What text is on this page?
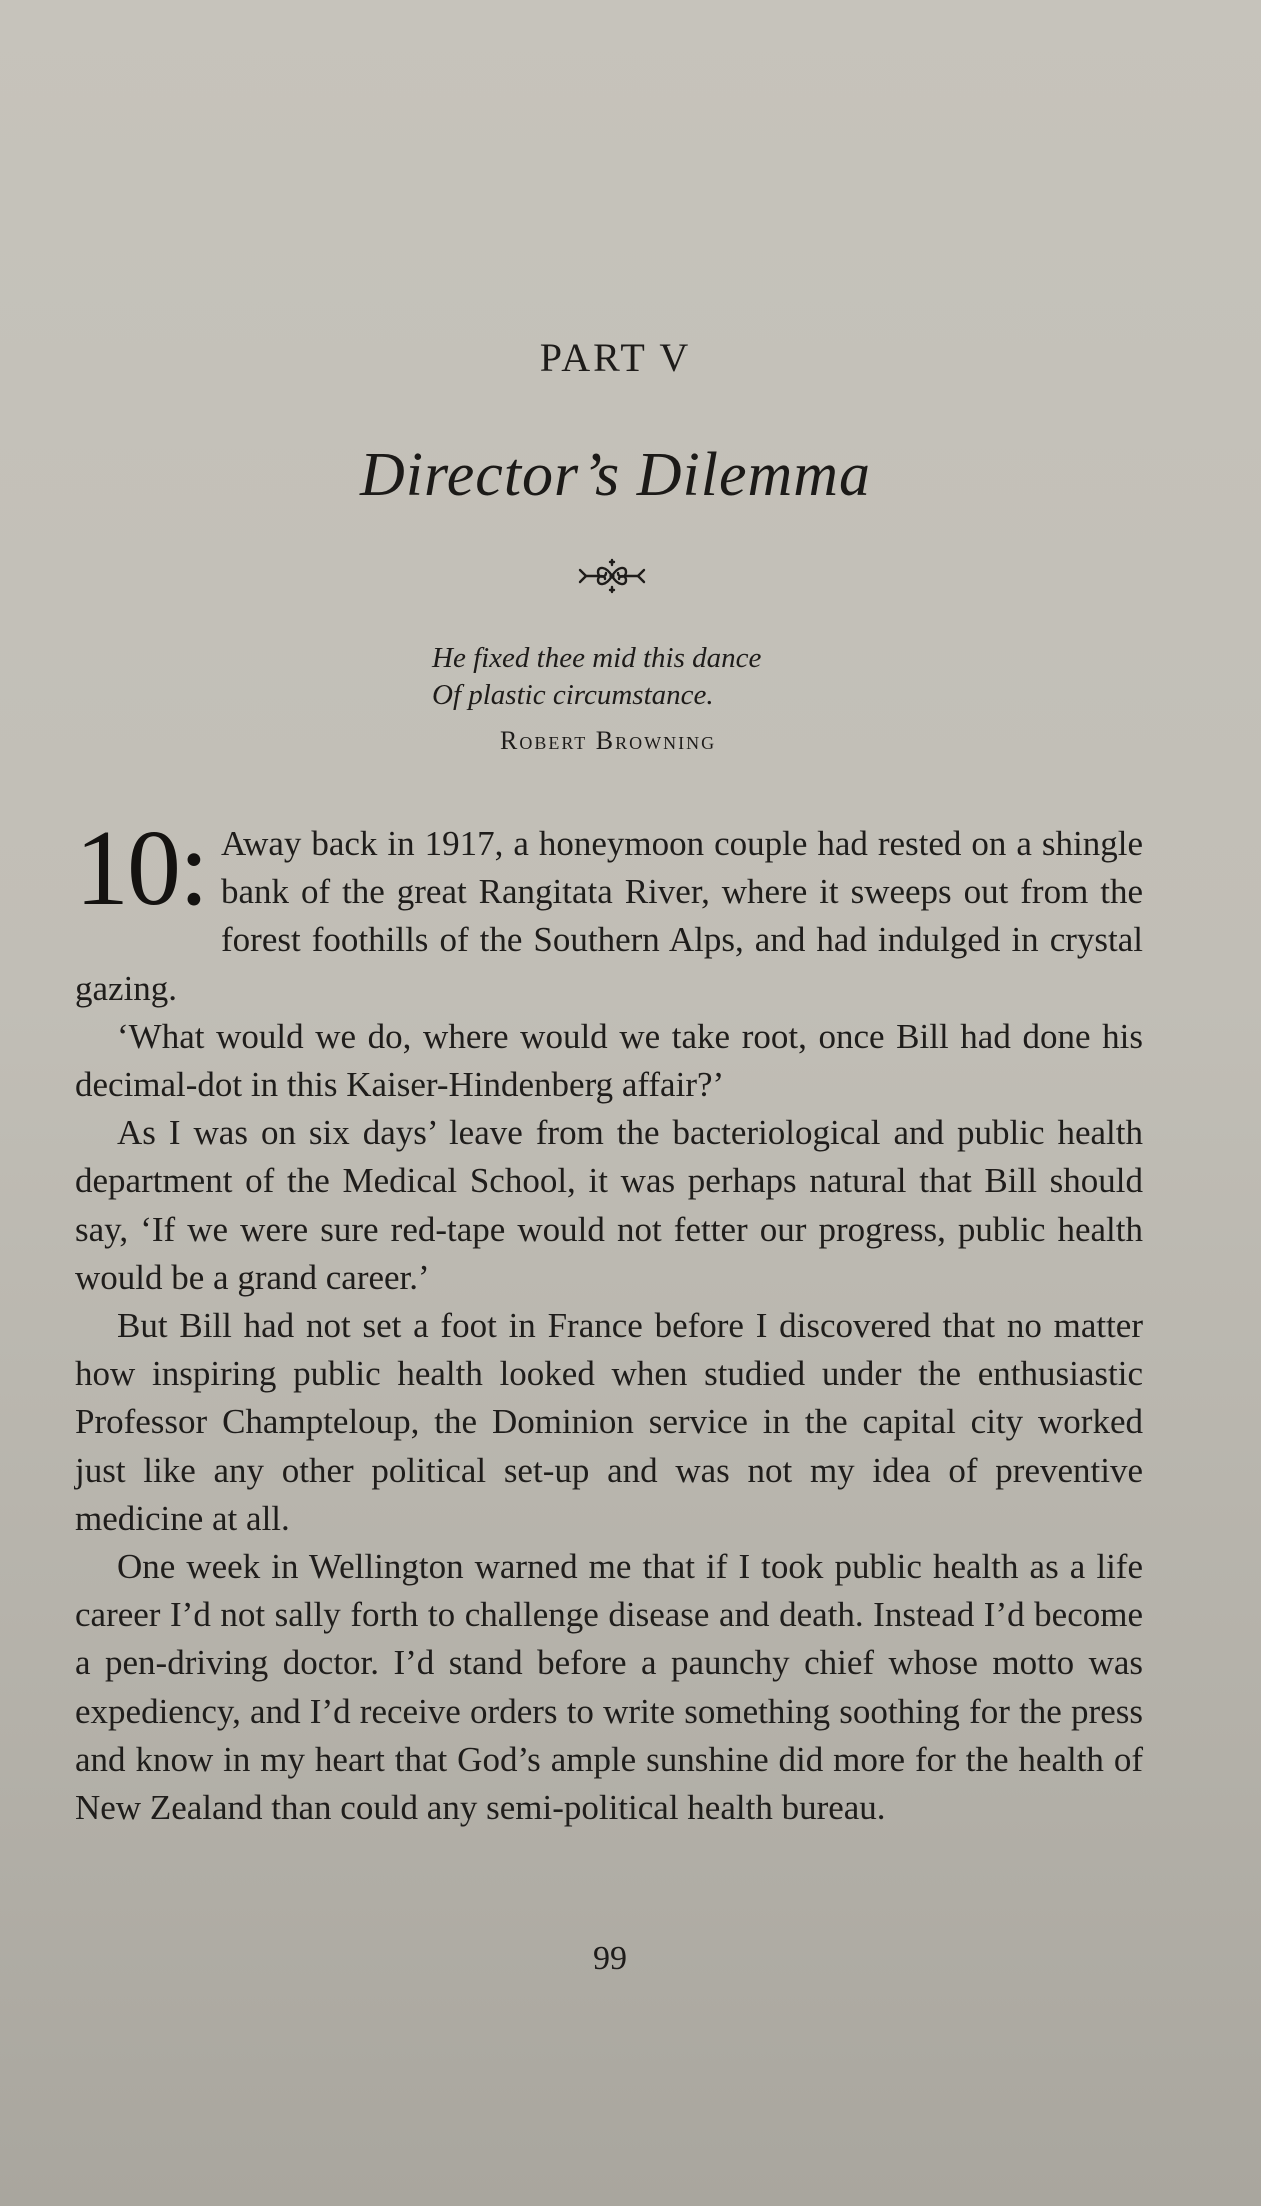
PART V
Director’s Dilemma
He fixed thee mid this dance
Of plastic circumstance.
Robert Browning

10: Away back in 1917, a honeymoon couple had rested on a shingle bank of the great Rangitata River, where it sweeps out from the forest foothills of the Southern Alps, and had indulged in crystal gazing.

‘What would we do, where would we take root, once Bill had done his decimal-dot in this Kaiser-Hindenberg affair?’

As I was on six days’ leave from the bacteriological and public health department of the Medical School, it was perhaps natural that Bill should say, ‘If we were sure red-tape would not fetter our progress, public health would be a grand career.’

But Bill had not set a foot in France before I discovered that no matter how inspiring public health looked when studied under the enthusiastic Professor Champteloup, the Dominion service in the capital city worked just like any other political set-up and was not my idea of preventive medicine at all.

One week in Wellington warned me that if I took public health as a life career I’d not sally forth to challenge disease and death. Instead I’d become a pen-driving doctor. I’d stand before a paunchy chief whose motto was expediency, and I’d receive orders to write something soothing for the press and know in my heart that God’s ample sunshine did more for the health of New Zealand than could any semi-political health bureau.

99
